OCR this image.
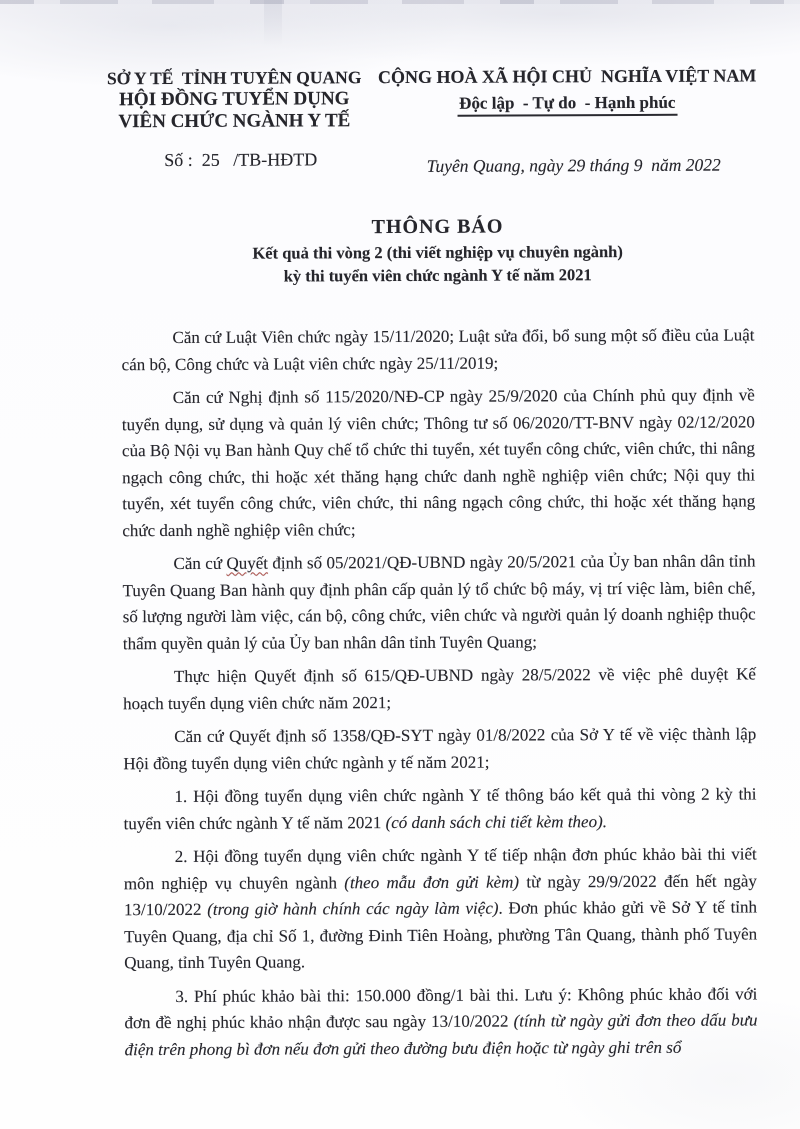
SỞ Y TẾ  TỈNH TUYÊN QUANG
HỘI ĐỒNG TUYỂN DỤNG
VIÊN CHỨC NGÀNH Y TẾ
CỘNG HOÀ XÃ HỘI CHỦ  NGHĨA VIỆT NAM
Độc lập  - Tự do  - Hạnh phúc
Số :  25   /TB-HĐTD	Tuyên Quang, ngày 29 tháng 9  năm 2022
THÔNG BÁO
Kết quả thi vòng 2 (thi viết nghiệp vụ chuyên ngành)
kỳ thi tuyển viên chức ngành Y tế năm 2021

Căn cứ Luật Viên chức ngày 15/11/2020; Luật sửa đổi, bổ sung một số điều của Luật cán bộ, Công chức và Luật viên chức ngày 25/11/2019;

Căn cứ Nghị định số 115/2020/NĐ-CP ngày 25/9/2020 của Chính phủ quy định về tuyển dụng, sử dụng và quản lý viên chức; Thông tư số 06/2020/TT-BNV ngày 02/12/2020 của Bộ Nội vụ Ban hành Quy chế tổ chức thi tuyển, xét tuyển công chức, viên chức, thi nâng ngạch công chức, thi hoặc xét thăng hạng chức danh nghề nghiệp viên chức; Nội quy thi tuyển, xét tuyển công chức, viên chức, thi nâng ngạch công chức, thi hoặc xét thăng hạng chức danh nghề nghiệp viên chức;

Căn cứ Quyết định số 05/2021/QĐ-UBND ngày 20/5/2021 của Ủy ban nhân dân tỉnh Tuyên Quang Ban hành quy định phân cấp quản lý tổ chức bộ máy, vị trí việc làm, biên chế, số lượng người làm việc, cán bộ, công chức, viên chức và người quản lý doanh nghiệp thuộc thẩm quyền quản lý của Ủy ban nhân dân tỉnh Tuyên Quang;

Thực hiện Quyết định số 615/QĐ-UBND ngày 28/5/2022 về việc phê duyệt Kế hoạch tuyển dụng viên chức năm 2021;

Căn cứ Quyết định số 1358/QĐ-SYT ngày 01/8/2022 của Sở Y tế về việc thành lập Hội đồng tuyển dụng viên chức ngành y tế năm 2021;

1. Hội đồng tuyển dụng viên chức ngành Y tế thông báo kết quả thi vòng 2 kỳ thi tuyển viên chức ngành Y tế năm 2021 (có danh sách chi tiết kèm theo).

2. Hội đồng tuyển dụng viên chức ngành Y tế tiếp nhận đơn phúc khảo bài thi viết môn nghiệp vụ chuyên ngành (theo mẫu đơn gửi kèm) từ ngày 29/9/2022 đến hết ngày 13/10/2022 (trong giờ hành chính các ngày làm việc). Đơn phúc khảo gửi về Sở Y tế tỉnh Tuyên Quang, địa chỉ Số 1, đường Đinh Tiên Hoàng, phường Tân Quang, thành phố Tuyên Quang, tỉnh Tuyên Quang.

3. Phí phúc khảo bài thi: 150.000 đồng/1 bài thi. Lưu ý: Không phúc khảo đối với đơn đề nghị phúc khảo nhận được sau ngày 13/10/2022 (tính từ ngày gửi đơn theo dấu bưu điện trên phong bì đơn nếu đơn gửi theo đường bưu điện hoặc từ ngày ghi trên sổ
